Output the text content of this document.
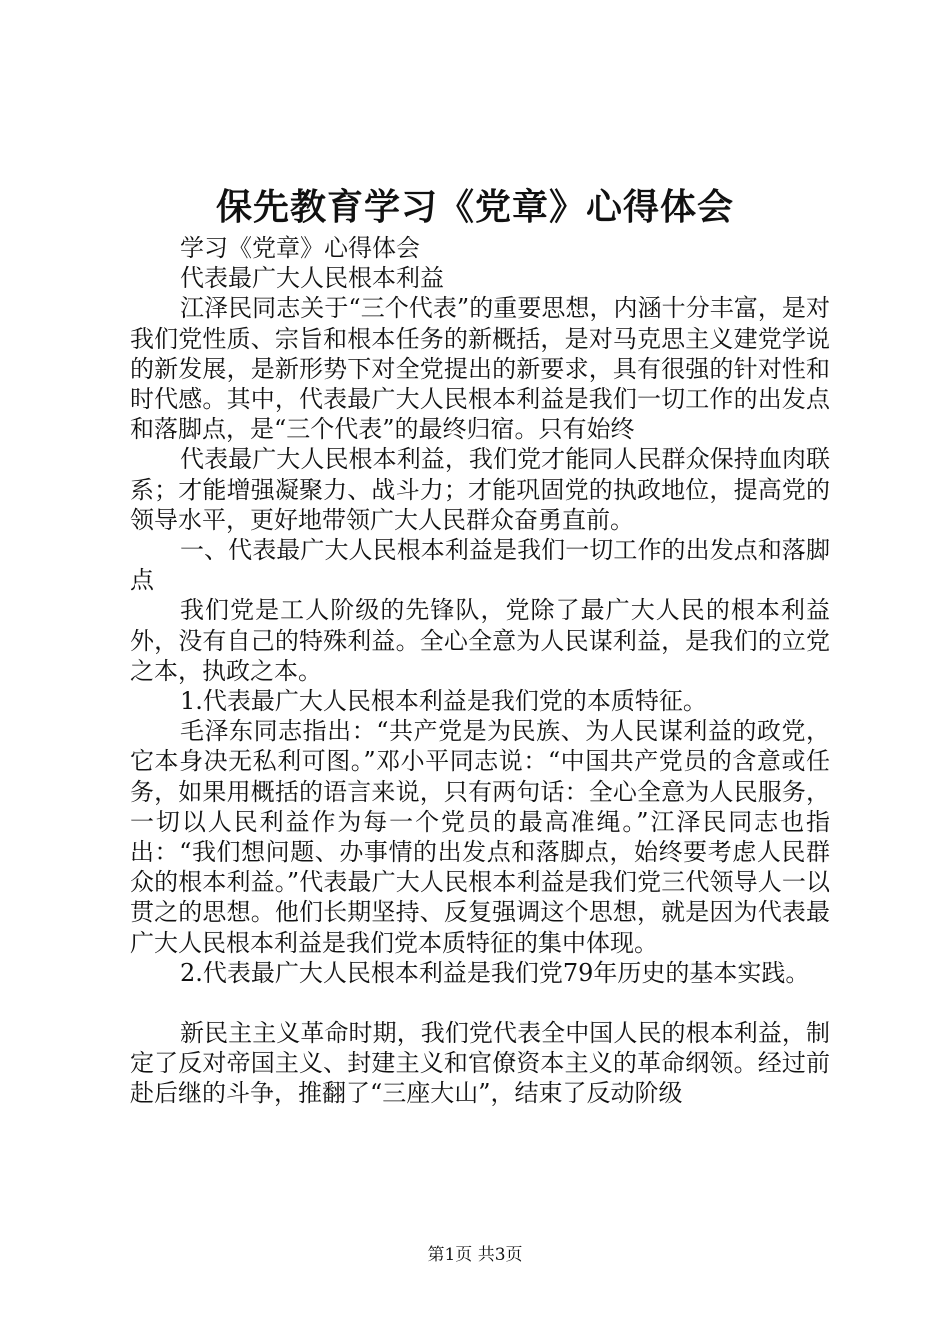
保先教育学习《党章》心得体会

学习《党章》心得体会

代表最广大人民根本利益

江泽民同志关于“三个代表”的重要思想，内涵十分丰富，是对我们党性质、宗旨和根本任务的新概括，是对马克思主义建党学说的新发展，是新形势下对全党提出的新要求，具有很强的针对性和时代感。其中，代表最广大人民根本利益是我们一切工作的出发点和落脚点，是“三个代表”的最终归宿。只有始终

代表最广大人民根本利益，我们党才能同人民群众保持血肉联系；才能增强凝聚力、战斗力；才能巩固党的执政地位，提高党的领导水平，更好地带领广大人民群众奋勇直前。

一、代表最广大人民根本利益是我们一切工作的出发点和落脚点

我们党是工人阶级的先锋队，党除了最广大人民的根本利益外，没有自己的特殊利益。全心全意为人民谋利益，是我们的立党之本，执政之本。

1.代表最广大人民根本利益是我们党的本质特征。

毛泽东同志指出：“共产党是为民族、为人民谋利益的政党，它本身决无私利可图。”邓小平同志说：“中国共产党员的含意或任务，如果用概括的语言来说，只有两句话：全心全意为人民服务，一切以人民利益作为每一个党员的最高准绳。”江泽民同志也指出：“我们想问题、办事情的出发点和落脚点，始终要考虑人民群众的根本利益。”代表最广大人民根本利益是我们党三代领导人一以贯之的思想。他们长期坚持、反复强调这个思想，就是因为代表最广大人民根本利益是我们党本质特征的集中体现。

2.代表最广大人民根本利益是我们党79年历史的基本实践。

新民主主义革命时期，我们党代表全中国人民的根本利益，制定了反对帝国主义、封建主义和官僚资本主义的革命纲领。经过前赴后继的斗争，推翻了“三座大山”，结束了反动阶级

第1页 共3页
